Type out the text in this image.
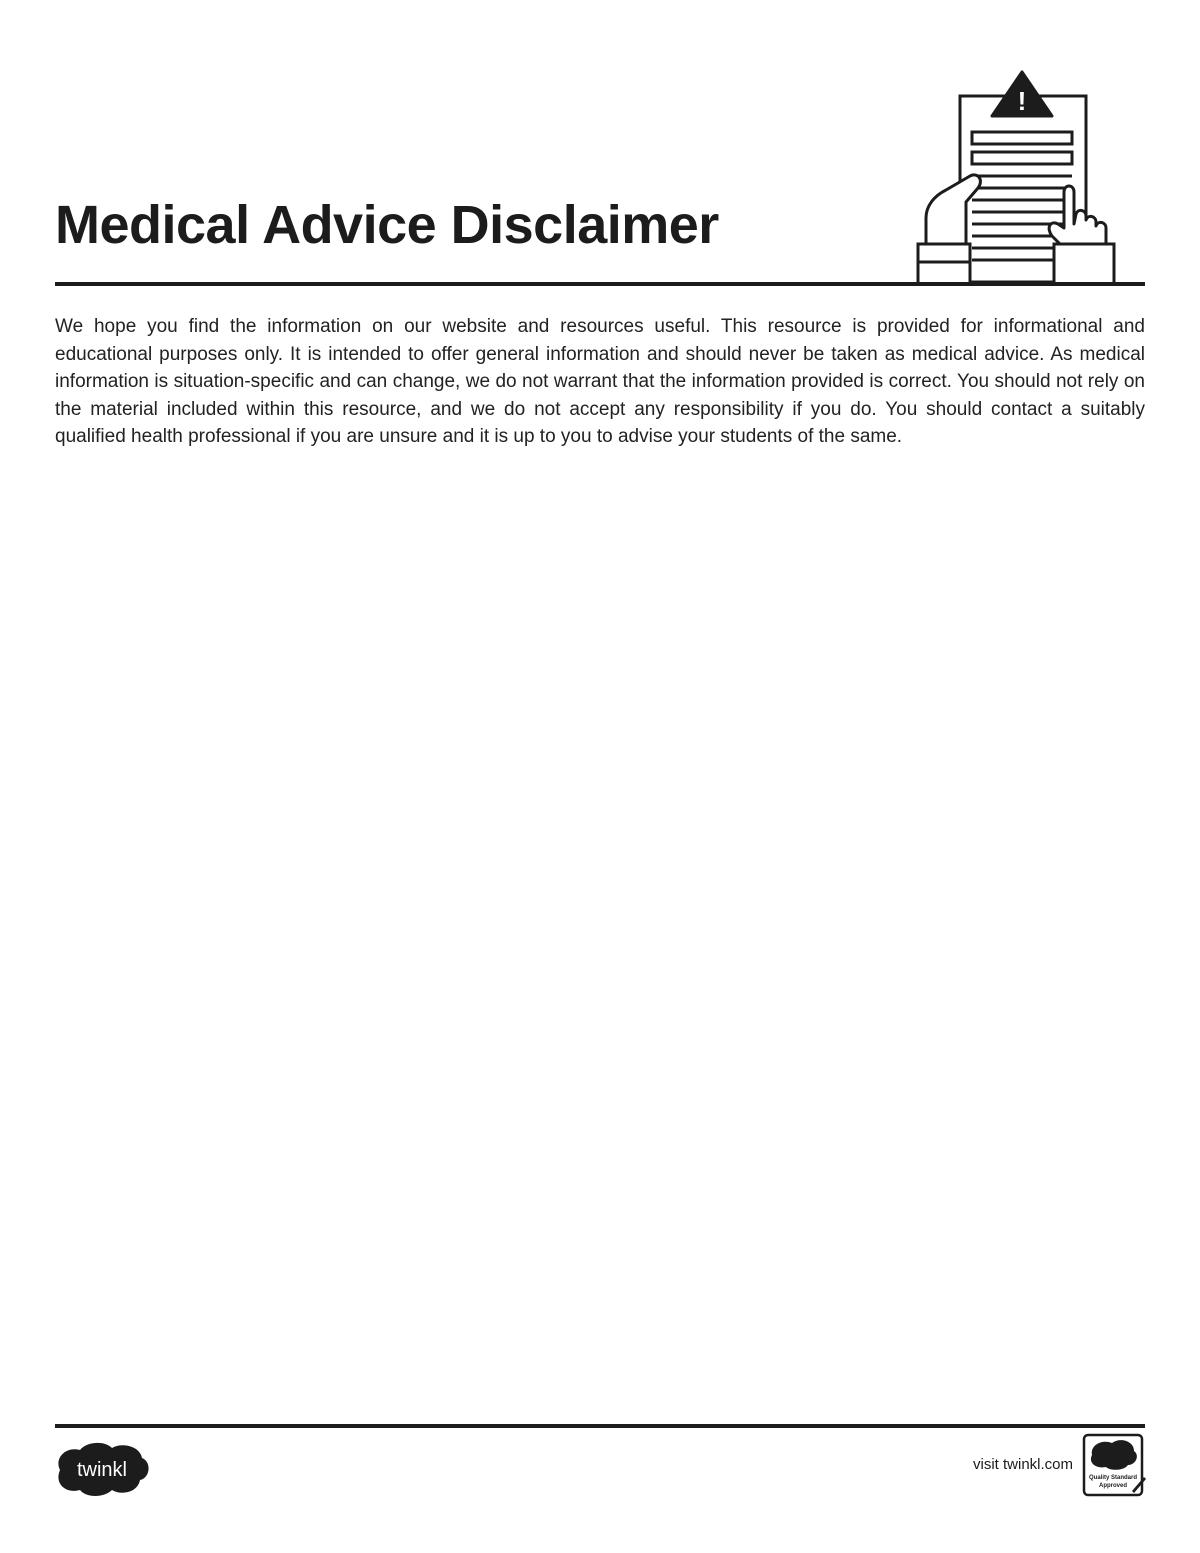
Medical Advice Disclaimer
!

We hope you find the information on our website and resources useful. This resource is provided for informational and educational purposes only. It is intended to offer general information and should never be taken as medical advice. As medical information is situation-specific and can change, we do not warrant that the information provided is correct. You should not rely on the material included within this resource, and we do not accept any responsibility if you do. You should contact a suitably qualified health professional if you are unsure and it is up to you to advise your students of the same.

twinkl	visit twinkl.com
Quality Standard
Approved
